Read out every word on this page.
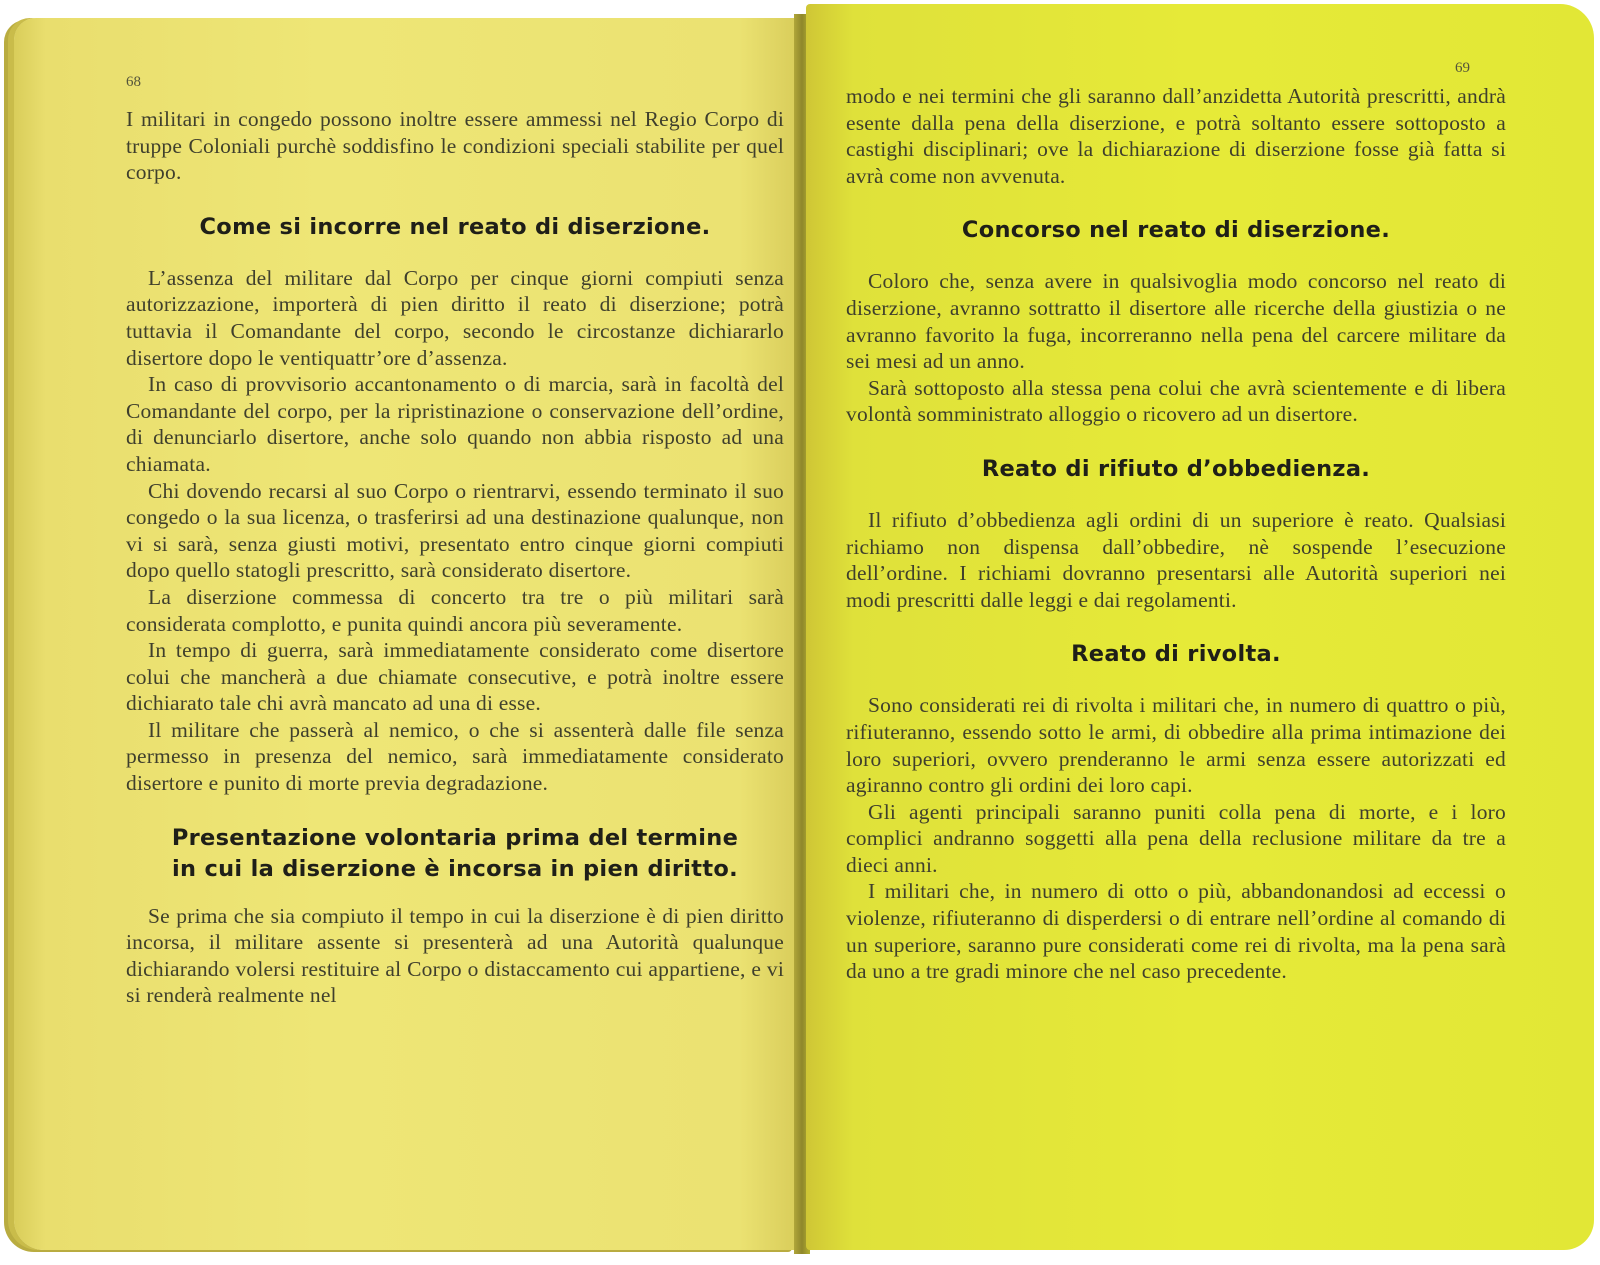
68

I militari in congedo possono inoltre essere ammessi nel Regio Corpo di truppe Coloniali purchè soddisfino le condizioni speciali stabilite per quel corpo.

Come si incorre nel reato di diserzione.

L’assenza del militare dal Corpo per cinque giorni compiuti senza autorizzazione, importerà di pien diritto il reato di diserzione; potrà tuttavia il Comandante del corpo, secondo le circostanze dichiararlo disertore dopo le ventiquattr’ore d’assenza.

In caso di provvisorio accantonamento o di marcia, sarà in facoltà del Comandante del corpo, per la ripristinazione o conservazione dell’ordine, di denunciarlo disertore, anche solo quando non abbia risposto ad una chiamata.

Chi dovendo recarsi al suo Corpo o rientrarvi, essendo terminato il suo congedo o la sua licenza, o trasferirsi ad una destinazione qualunque, non vi si sarà, senza giusti motivi, presentato entro cinque giorni compiuti dopo quello statogli prescritto, sarà considerato disertore.

La diserzione commessa di concerto tra tre o più militari sarà considerata complotto, e punita quindi ancora più severamente.

In tempo di guerra, sarà immediatamente considerato come disertore colui che mancherà a due chiamate consecutive, e potrà inoltre essere dichiarato tale chi avrà mancato ad una di esse.

Il militare che passerà al nemico, o che si assenterà dalle file senza permesso in presenza del nemico, sarà immediatamente considerato disertore e punito di morte previa degradazione.

Presentazione volontaria prima del termine
in cui la diserzione è incorsa in pien diritto.

Se prima che sia compiuto il tempo in cui la diserzione è di pien diritto incorsa, il militare assente si presenterà ad una Autorità qualunque dichiarando volersi restituire al Corpo o distaccamento cui appartiene, e vi si renderà realmente nel

69

modo e nei termini che gli saranno dall’anzidetta Autorità prescritti, andrà esente dalla pena della diserzione, e potrà soltanto essere sottoposto a castighi disciplinari; ove la dichiarazione di diserzione fosse già fatta si avrà come non avvenuta.

Concorso nel reato di diserzione.

Coloro che, senza avere in qualsivoglia modo concorso nel reato di diserzione, avranno sottratto il disertore alle ricerche della giustizia o ne avranno favorito la fuga, incorreranno nella pena del carcere militare da sei mesi ad un anno.

Sarà sottoposto alla stessa pena colui che avrà scientemente e di libera volontà somministrato alloggio o ricovero ad un disertore.

Reato di rifiuto d’obbedienza.

Il rifiuto d’obbedienza agli ordini di un superiore è reato. Qualsiasi richiamo non dispensa dall’obbedire, nè sospende l’esecuzione dell’ordine. I richiami dovranno presentarsi alle Autorità superiori nei modi prescritti dalle leggi e dai regolamenti.

Reato di rivolta.

Sono considerati rei di rivolta i militari che, in numero di quattro o più, rifiuteranno, essendo sotto le armi, di obbedire alla prima intimazione dei loro superiori, ovvero prenderanno le armi senza essere autorizzati ed agiranno contro gli ordini dei loro capi.

Gli agenti principali saranno puniti colla pena di morte, e i loro complici andranno soggetti alla pena della reclusione militare da tre a dieci anni.

I militari che, in numero di otto o più, abbandonandosi ad eccessi o violenze, rifiuteranno di disperdersi o di entrare nell’ordine al comando di un superiore, saranno pure considerati come rei di rivolta, ma la pena sarà da uno a tre gradi minore che nel caso precedente.
